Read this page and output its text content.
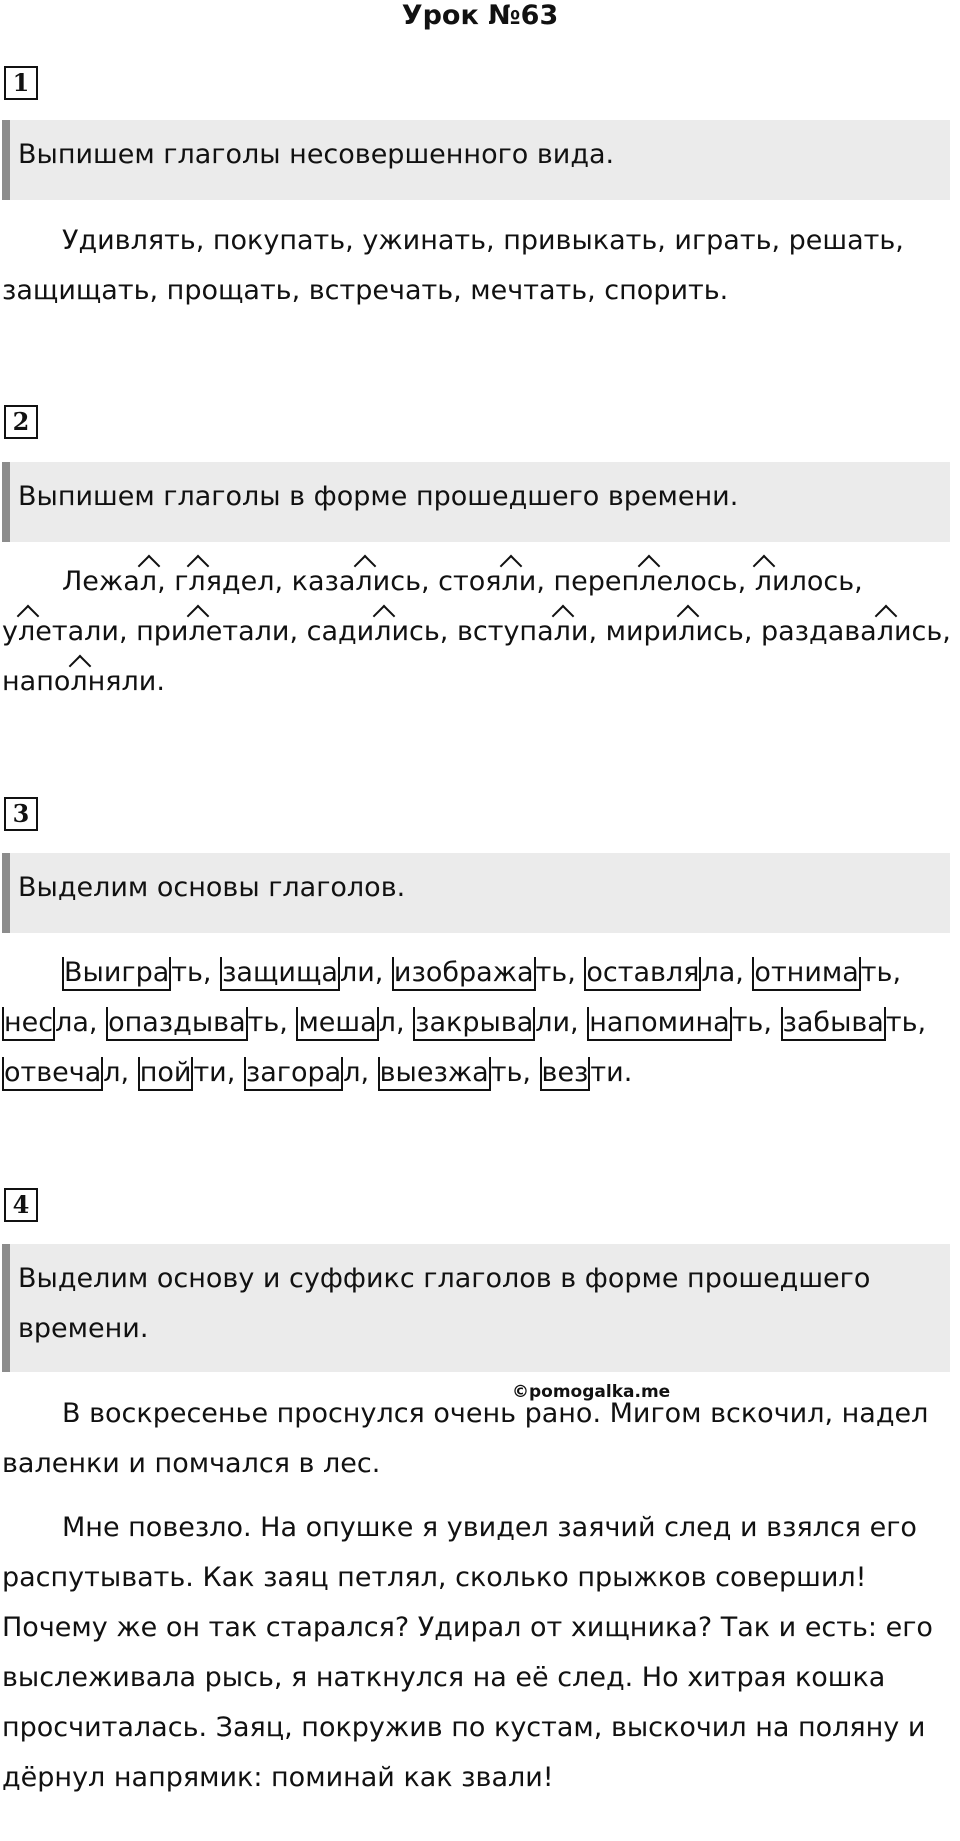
Урок №63
1
Выпишем глаголы несовершенного вида.

Удивлять, покупать, ужинать, привыкать, играть, решать, защищать, прощать, встречать, мечтать, спорить.

2
Выпишем глаголы в форме прошедшего времени.

Лежал, глядел, казались, стояли, переплелось, лилось, улетали, прилетали, садились, вступали, мирились, раздавались, наполняли.

3
Выделим основы глаголов.

Выиграть, защищали, изображать, оставляла, отнимать, несла, опаздывать, мешал, закрывали, напоминать, забывать, отвечал, пойти, загорал, выезжать, везти.

4
Выделим основу и суффикс глаголов в форме прошедшего времени.
©pomogalka.me

В воскресенье проснулся очень рано. Мигом вскочил, надел валенки и помчался в лес.

Мне повезло. На опушке я увидел заячий след и взялся его распутывать. Как заяц петлял, сколько прыжков совершил! Почему же он так старался? Удирал от хищника? Так и есть: его выслеживала рысь, я наткнулся на её след. Но хитрая кошка просчиталась. Заяц, покружив по кустам, выскочил на поляну и дёрнул напрямик: поминай как звали!
